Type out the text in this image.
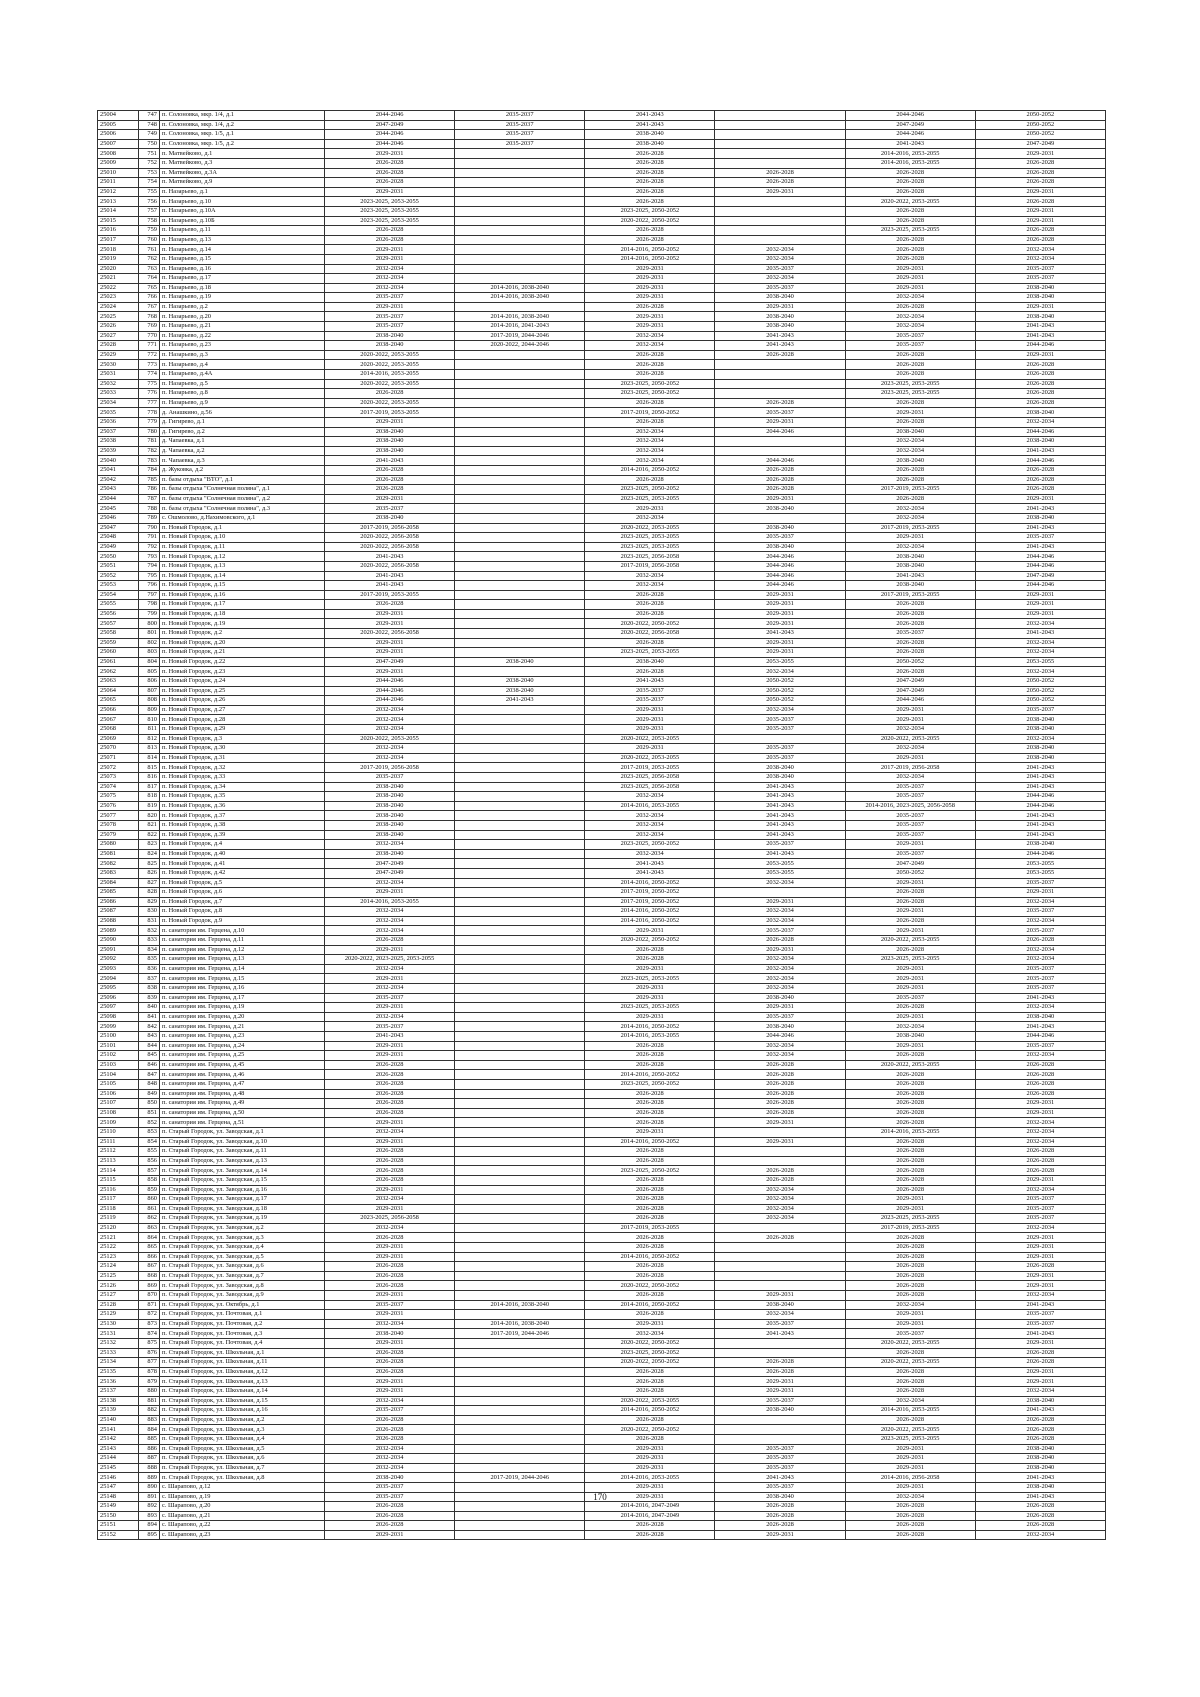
25004	747	п. Солоновка, мкр. 1/4, д.1	2044-2046	2035-2037	2041-2043		2044-2046	2050-2052
25005	748	п. Солоновка, мкр. 1/4, д.2	2047-2049	2035-2037	2041-2043		2047-2049	2050-2052
25006	749	п. Солоновка, мкр. 1/5, д.1	2044-2046	2035-2037	2038-2040		2044-2046	2050-2052
25007	750	п. Солоновка, мкр. 1/5, д.2	2044-2046	2035-2037	2038-2040		2041-2043	2047-2049
25008	751	п. Матвейково, д.1	2029-2031		2026-2028		2014-2016, 2053-2055	2029-2031
25009	752	п. Матвейково, д.3	2026-2028		2026-2028		2014-2016, 2053-2055	2026-2028
25010	753	п. Матвейково, д.3А	2026-2028		2026-2028	2026-2028	2026-2028	2026-2028
25011	754	п. Матвейково, д.9	2026-2028		2026-2028	2026-2028	2026-2028	2026-2028
25012	755	п. Назарьево, д.1	2029-2031		2026-2028	2029-2031	2026-2028	2029-2031
25013	756	п. Назарьево, д.10	2023-2025, 2053-2055		2026-2028		2020-2022, 2053-2055	2026-2028
25014	757	п. Назарьево, д.10А	2023-2025, 2053-2055		2023-2025, 2050-2052		2026-2028	2029-2031
25015	758	п. Назарьево, д.10Б	2023-2025, 2053-2055		2020-2022, 2050-2052		2026-2028	2029-2031
25016	759	п. Назарьево, д.11	2026-2028		2026-2028		2023-2025, 2053-2055	2026-2028
25017	760	п. Назарьево, д.13	2026-2028		2026-2028		2026-2028	2026-2028
25018	761	п. Назарьево, д.14	2029-2031		2014-2016, 2050-2052	2032-2034	2026-2028	2032-2034
25019	762	п. Назарьево, д.15	2029-2031		2014-2016, 2050-2052	2032-2034	2026-2028	2032-2034
25020	763	п. Назарьево, д.16	2032-2034		2029-2031	2035-2037	2029-2031	2035-2037
25021	764	п. Назарьево, д.17	2032-2034		2029-2031	2032-2034	2029-2031	2035-2037
25022	765	п. Назарьево, д.18	2032-2034	2014-2016, 2038-2040	2029-2031	2035-2037	2029-2031	2038-2040
25023	766	п. Назарьево, д.19	2035-2037	2014-2016, 2038-2040	2029-2031	2038-2040	2032-2034	2038-2040
25024	767	п. Назарьево, д.2	2029-2031		2026-2028	2029-2031	2026-2028	2029-2031
25025	768	п. Назарьево, д.20	2035-2037	2014-2016, 2038-2040	2029-2031	2038-2040	2032-2034	2038-2040
25026	769	п. Назарьево, д.21	2035-2037	2014-2016, 2041-2043	2029-2031	2038-2040	2032-2034	2041-2043
25027	770	п. Назарьево, д.22	2038-2040	2017-2019, 2044-2046	2032-2034	2041-2043	2035-2037	2041-2043
25028	771	п. Назарьево, д.23	2038-2040	2020-2022, 2044-2046	2032-2034	2041-2043	2035-2037	2044-2046
25029	772	п. Назарьево, д.3	2020-2022, 2053-2055		2026-2028	2026-2028	2026-2028	2029-2031
25030	773	п. Назарьево, д.4	2020-2022, 2053-2055		2026-2028		2026-2028	2026-2028
25031	774	п. Назарьево, д.4А	2014-2016, 2053-2055		2026-2028		2026-2028	2026-2028
25032	775	п. Назарьево, д.5	2020-2022, 2053-2055		2023-2025, 2050-2052		2023-2025, 2053-2055	2026-2028
25033	776	п. Назарьево, д.8	2026-2028		2023-2025, 2050-2052		2023-2025, 2053-2055	2026-2028
25034	777	п. Назарьево, д.9	2020-2022, 2053-2055		2026-2028	2026-2028	2026-2028	2026-2028
25035	778	д. Анашкино, д.56	2017-2019, 2053-2055		2017-2019, 2050-2052	2035-2037	2029-2031	2038-2040
25036	779	д. Гигирево, д.1	2029-2031		2026-2028	2029-2031	2026-2028	2032-2034
25037	780	д. Гигирево, д.2	2038-2040		2032-2034	2044-2046	2038-2040	2044-2046
25038	781	д. Чапаевка, д.1	2038-2040		2032-2034		2032-2034	2038-2040
25039	782	д. Чапаевка, д.2	2038-2040		2032-2034		2032-2034	2041-2043
25040	783	п. Чапаевка, д.3	2041-2043		2032-2034	2044-2046	2038-2040	2044-2046
25041	784	д. Жуковка, д.2	2026-2028		2014-2016, 2050-2052	2026-2028	2026-2028	2026-2028
25042	785	п. базы отдыха "ВТО", д.1	2026-2028		2026-2028	2026-2028	2026-2028	2026-2028
25043	786	п. базы отдыха "Солнечная поляна", д.1	2026-2028		2023-2025, 2050-2052	2026-2028	2017-2019, 2053-2055	2026-2028
25044	787	п. базы отдыха "Солнечная поляна", д.2	2029-2031		2023-2025, 2053-2055	2029-2031	2026-2028	2029-2031
25045	788	п. базы отдыха "Солнечная поляна", д.3	2035-2037		2029-2031	2038-2040	2032-2034	2041-2043
25046	789	с. Ошмолово, д.Нахимовского, д.1	2038-2040		2032-2034		2032-2034	2038-2040
25047	790	п. Новый Городок, д.1	2017-2019, 2056-2058		2020-2022, 2053-2055	2038-2040	2017-2019, 2053-2055	2041-2043
25048	791	п. Новый Городок, д.10	2020-2022, 2056-2058		2023-2025, 2053-2055	2035-2037	2029-2031	2035-2037
25049	792	п. Новый Городок, д.11	2020-2022, 2056-2058		2023-2025, 2053-2055	2038-2040	2032-2034	2041-2043
25050	793	п. Новый Городок, д.12	2041-2043		2023-2025, 2056-2058	2044-2046	2038-2040	2044-2046
25051	794	п. Новый Городок, д.13	2020-2022, 2056-2058		2017-2019, 2056-2058	2044-2046	2038-2040	2044-2046
25052	795	п. Новый Городок, д.14	2041-2043		2032-2034	2044-2046	2041-2043	2047-2049
25053	796	п. Новый Городок, д.15	2041-2043		2032-2034	2044-2046	2038-2040	2044-2046
25054	797	п. Новый Городок, д.16	2017-2019, 2053-2055		2026-2028	2029-2031	2017-2019, 2053-2055	2029-2031
25055	798	п. Новый Городок, д.17	2026-2028		2026-2028	2029-2031	2026-2028	2029-2031
25056	799	п. Новый Городок, д.18	2029-2031		2026-2028	2029-2031	2026-2028	2029-2031
25057	800	п. Новый Городок, д.19	2029-2031		2020-2022, 2050-2052	2029-2031	2026-2028	2032-2034
25058	801	п. Новый Городок, д.2	2020-2022, 2056-2058		2020-2022, 2056-2058	2041-2043	2035-2037	2041-2043
25059	802	п. Новый Городок, д.20	2029-2031		2026-2028	2029-2031	2026-2028	2032-2034
25060	803	п. Новый Городок, д.21	2029-2031		2023-2025, 2053-2055	2029-2031	2026-2028	2032-2034
25061	804	п. Новый Городок, д.22	2047-2049	2038-2040	2038-2040	2053-2055	2050-2052	2053-2055
25062	805	п. Новый Городок, д.23	2029-2031		2026-2028	2032-2034	2026-2028	2032-2034
25063	806	п. Новый Городок, д.24	2044-2046	2038-2040	2041-2043	2050-2052	2047-2049	2050-2052
25064	807	п. Новый Городок, д.25	2044-2046	2038-2040	2035-2037	2050-2052	2047-2049	2050-2052
25065	808	п. Новый Городок, д.26	2044-2046	2041-2043	2035-2037	2050-2052	2044-2046	2050-2052
25066	809	п. Новый Городок, д.27	2032-2034		2029-2031	2032-2034	2029-2031	2035-2037
25067	810	п. Новый Городок, д.28	2032-2034		2029-2031	2035-2037	2029-2031	2038-2040
25068	811	п. Новый Городок, д.29	2032-2034		2029-2031	2035-2037	2032-2034	2038-2040
25069	812	п. Новый Городок, д.3	2020-2022, 2053-2055		2020-2022, 2053-2055		2020-2022, 2053-2055	2032-2034
25070	813	п. Новый Городок, д.30	2032-2034		2029-2031	2035-2037	2032-2034	2038-2040
25071	814	п. Новый Городок, д.31	2032-2034		2020-2022, 2053-2055	2035-2037	2029-2031	2038-2040
25072	815	п. Новый Городок, д.32	2017-2019, 2056-2058		2017-2019, 2053-2055	2038-2040	2017-2019, 2056-2058	2041-2043
25073	816	п. Новый Городок, д.33	2035-2037		2023-2025, 2056-2058	2038-2040	2032-2034	2041-2043
25074	817	п. Новый Городок, д.34	2038-2040		2023-2025, 2056-2058	2041-2043	2035-2037	2041-2043
25075	818	п. Новый Городок, д.35	2038-2040		2032-2034	2041-2043	2035-2037	2044-2046
25076	819	п. Новый Городок, д.36	2038-2040		2014-2016, 2053-2055	2041-2043	2014-2016, 2023-2025, 2056-2058	2044-2046
25077	820	п. Новый Городок, д.37	2038-2040		2032-2034	2041-2043	2035-2037	2041-2043
25078	821	п. Новый Городок, д.38	2038-2040		2032-2034	2041-2043	2035-2037	2041-2043
25079	822	п. Новый Городок, д.39	2038-2040		2032-2034	2041-2043	2035-2037	2041-2043
25080	823	п. Новый Городок, д.4	2032-2034		2023-2025, 2050-2052	2035-2037	2029-2031	2038-2040
25081	824	п. Новый Городок, д.40	2038-2040		2032-2034	2041-2043	2035-2037	2044-2046
25082	825	п. Новый Городок, д.41	2047-2049		2041-2043	2053-2055	2047-2049	2053-2055
25083	826	п. Новый Городок, д.42	2047-2049		2041-2043	2053-2055	2050-2052	2053-2055
25084	827	п. Новый Городок, д.5	2032-2034		2014-2016, 2050-2052	2032-2034	2029-2031	2035-2037
25085	828	п. Новый Городок, д.6	2029-2031		2017-2019, 2050-2052		2026-2028	2029-2031
25086	829	п. Новый Городок, д.7	2014-2016, 2053-2055		2017-2019, 2050-2052	2029-2031	2026-2028	2032-2034
25087	830	п. Новый Городок, д.8	2032-2034		2014-2016, 2050-2052	2032-2034	2029-2031	2035-2037
25088	831	п. Новый Городок, д.9	2032-2034		2014-2016, 2050-2052	2032-2034	2026-2028	2032-2034
25089	832	п. санатория им. Герцена, д.10	2032-2034		2029-2031	2035-2037	2029-2031	2035-2037
25090	833	п. санатория им. Герцена, д.11	2026-2028		2020-2022, 2050-2052	2026-2028	2020-2022, 2053-2055	2026-2028
25091	834	п. санатория им. Герцена, д.12	2029-2031		2026-2028	2029-2031	2026-2028	2032-2034
25092	835	п. санатория им. Герцена, д.13	2020-2022, 2023-2025, 2053-2055		2026-2028	2032-2034	2023-2025, 2053-2055	2032-2034
25093	836	п. санатория им. Герцена, д.14	2032-2034		2029-2031	2032-2034	2029-2031	2035-2037
25094	837	п. санатория им. Герцена, д.15	2029-2031		2023-2025, 2053-2055	2032-2034	2029-2031	2035-2037
25095	838	п. санатория им. Герцена, д.16	2032-2034		2029-2031	2032-2034	2029-2031	2035-2037
25096	839	п. санатория им. Герцена, д.17	2035-2037		2029-2031	2038-2040	2035-2037	2041-2043
25097	840	п. санатория им. Герцена, д.19	2029-2031		2023-2025, 2053-2055	2029-2031	2026-2028	2032-2034
25098	841	п. санатория им. Герцена, д.20	2032-2034		2029-2031	2035-2037	2029-2031	2038-2040
25099	842	п. санатория им. Герцена, д.21	2035-2037		2014-2016, 2050-2052	2038-2040	2032-2034	2041-2043
25100	843	п. санатория им. Герцена, д.23	2041-2043		2014-2016, 2053-2055	2044-2046	2038-2040	2044-2046
25101	844	п. санатория им. Герцена, д.24	2029-2031		2026-2028	2032-2034	2029-2031	2035-2037
25102	845	п. санатория им. Герцена, д.25	2029-2031		2026-2028	2032-2034	2026-2028	2032-2034
25103	846	п. санатория им. Герцена, д.45	2026-2028		2026-2028	2026-2028	2020-2022, 2053-2055	2026-2028
25104	847	п. санатория им. Герцена, д.46	2026-2028		2014-2016, 2050-2052	2026-2028	2026-2028	2026-2028
25105	848	п. санатория им. Герцена, д.47	2026-2028		2023-2025, 2050-2052	2026-2028	2026-2028	2026-2028
25106	849	п. санатория им. Герцена, д.48	2026-2028		2026-2028	2026-2028	2026-2028	2026-2028
25107	850	п. санатория им. Герцена, д.49	2026-2028		2026-2028	2026-2028	2026-2028	2029-2031
25108	851	п. санатория им. Герцена, д.50	2026-2028		2026-2028	2026-2028	2026-2028	2029-2031
25109	852	п. санатория им. Герцена, д.51	2029-2031		2026-2028	2029-2031	2026-2028	2032-2034
25110	853	п. Старый Городок, ул. Заводская, д.1	2032-2034		2029-2031		2014-2016, 2053-2055	2032-2034
25111	854	п. Старый Городок, ул. Заводская, д.10	2029-2031		2014-2016, 2050-2052	2029-2031	2026-2028	2032-2034
25112	855	п. Старый Городок, ул. Заводская, д.11	2026-2028		2026-2028		2026-2028	2026-2028
25113	856	п. Старый Городок, ул. Заводская, д.13	2026-2028		2026-2028		2026-2028	2026-2028
25114	857	п. Старый Городок, ул. Заводская, д.14	2026-2028		2023-2025, 2050-2052	2026-2028	2026-2028	2026-2028
25115	858	п. Старый Городок, ул. Заводская, д.15	2026-2028		2026-2028	2026-2028	2026-2028	2029-2031
25116	859	п. Старый Городок, ул. Заводская, д.16	2029-2031		2026-2028	2032-2034	2026-2028	2032-2034
25117	860	п. Старый Городок, ул. Заводская, д.17	2032-2034		2026-2028	2032-2034	2029-2031	2035-2037
25118	861	п. Старый Городок, ул. Заводская, д.18	2029-2031		2026-2028	2032-2034	2029-2031	2035-2037
25119	862	п. Старый Городок, ул. Заводская, д.19	2023-2025, 2056-2058		2026-2028	2032-2034	2023-2025, 2053-2055	2035-2037
25120	863	п. Старый Городок, ул. Заводская, д.2	2032-2034		2017-2019, 2053-2055		2017-2019, 2053-2055	2032-2034
25121	864	п. Старый Городок, ул. Заводская, д.3	2026-2028		2026-2028	2026-2028	2026-2028	2029-2031
25122	865	п. Старый Городок, ул. Заводская, д.4	2029-2031		2026-2028		2026-2028	2029-2031
25123	866	п. Старый Городок, ул. Заводская, д.5	2029-2031		2014-2016, 2050-2052		2026-2028	2029-2031
25124	867	п. Старый Городок, ул. Заводская, д.6	2026-2028		2026-2028		2026-2028	2026-2028
25125	868	п. Старый Городок, ул. Заводская, д.7	2026-2028		2026-2028		2026-2028	2029-2031
25126	869	п. Старый Городок, ул. Заводская, д.8	2026-2028		2020-2022, 2050-2052		2026-2028	2029-2031
25127	870	п. Старый Городок, ул. Заводская, д.9	2029-2031		2026-2028	2029-2031	2026-2028	2032-2034
25128	871	п. Старый Городок, ул. Октябрь, д.1	2035-2037	2014-2016, 2038-2040	2014-2016, 2050-2052	2038-2040	2032-2034	2041-2043
25129	872	п. Старый Городок, ул. Почтовая, д.1	2029-2031		2026-2028	2032-2034	2029-2031	2035-2037
25130	873	п. Старый Городок, ул. Почтовая, д.2	2032-2034	2014-2016, 2038-2040	2029-2031	2035-2037	2029-2031	2035-2037
25131	874	п. Старый Городок, ул. Почтовая, д.3	2038-2040	2017-2019, 2044-2046	2032-2034	2041-2043	2035-2037	2041-2043
25132	875	п. Старый Городок, ул. Почтовая, д.4	2029-2031		2020-2022, 2050-2052		2020-2022, 2053-2055	2029-2031
25133	876	п. Старый Городок, ул. Школьная, д.1	2026-2028		2023-2025, 2050-2052		2026-2028	2026-2028
25134	877	п. Старый Городок, ул. Школьная, д.11	2026-2028		2020-2022, 2050-2052	2026-2028	2020-2022, 2053-2055	2026-2028
25135	878	п. Старый Городок, ул. Школьная, д.12	2026-2028		2026-2028	2026-2028	2026-2028	2029-2031
25136	879	п. Старый Городок, ул. Школьная, д.13	2029-2031		2026-2028	2029-2031	2026-2028	2029-2031
25137	880	п. Старый Городок, ул. Школьная, д.14	2029-2031		2026-2028	2029-2031	2026-2028	2032-2034
25138	881	п. Старый Городок, ул. Школьная, д.15	2032-2034		2020-2022, 2053-2055	2035-2037	2032-2034	2038-2040
25139	882	п. Старый Городок, ул. Школьная, д.16	2035-2037		2014-2016, 2050-2052	2038-2040	2014-2016, 2053-2055	2041-2043
25140	883	п. Старый Городок, ул. Школьная, д.2	2026-2028		2026-2028		2026-2028	2026-2028
25141	884	п. Старый Городок, ул. Школьная, д.3	2026-2028		2020-2022, 2050-2052		2020-2022, 2053-2055	2026-2028
25142	885	п. Старый Городок, ул. Школьная, д.4	2026-2028		2026-2028		2023-2025, 2053-2055	2026-2028
25143	886	п. Старый Городок, ул. Школьная, д.5	2032-2034		2029-2031	2035-2037	2029-2031	2038-2040
25144	887	п. Старый Городок, ул. Школьная, д.6	2032-2034		2029-2031	2035-2037	2029-2031	2038-2040
25145	888	п. Старый Городок, ул. Школьная, д.7	2032-2034		2029-2031	2035-2037	2029-2031	2038-2040
25146	889	п. Старый Городок, ул. Школьная, д.8	2038-2040	2017-2019, 2044-2046	2014-2016, 2053-2055	2041-2043	2014-2016, 2056-2058	2041-2043
25147	890	с. Шарапово, д.12	2035-2037		2029-2031	2035-2037	2029-2031	2038-2040
25148	891	с. Шарапово, д.19	2035-2037		2029-2031	2038-2040	2032-2034	2041-2043
25149	892	с. Шарапово, д.20	2026-2028		2014-2016, 2047-2049	2026-2028	2026-2028	2026-2028
25150	893	с. Шарапово, д.21	2026-2028		2014-2016, 2047-2049	2026-2028	2026-2028	2026-2028
25151	894	с. Шарапово, д.22	2026-2028		2026-2028	2026-2028	2026-2028	2026-2028
25152	895	с. Шарапово, д.23	2029-2031		2026-2028	2029-2031	2026-2028	2032-2034
170
